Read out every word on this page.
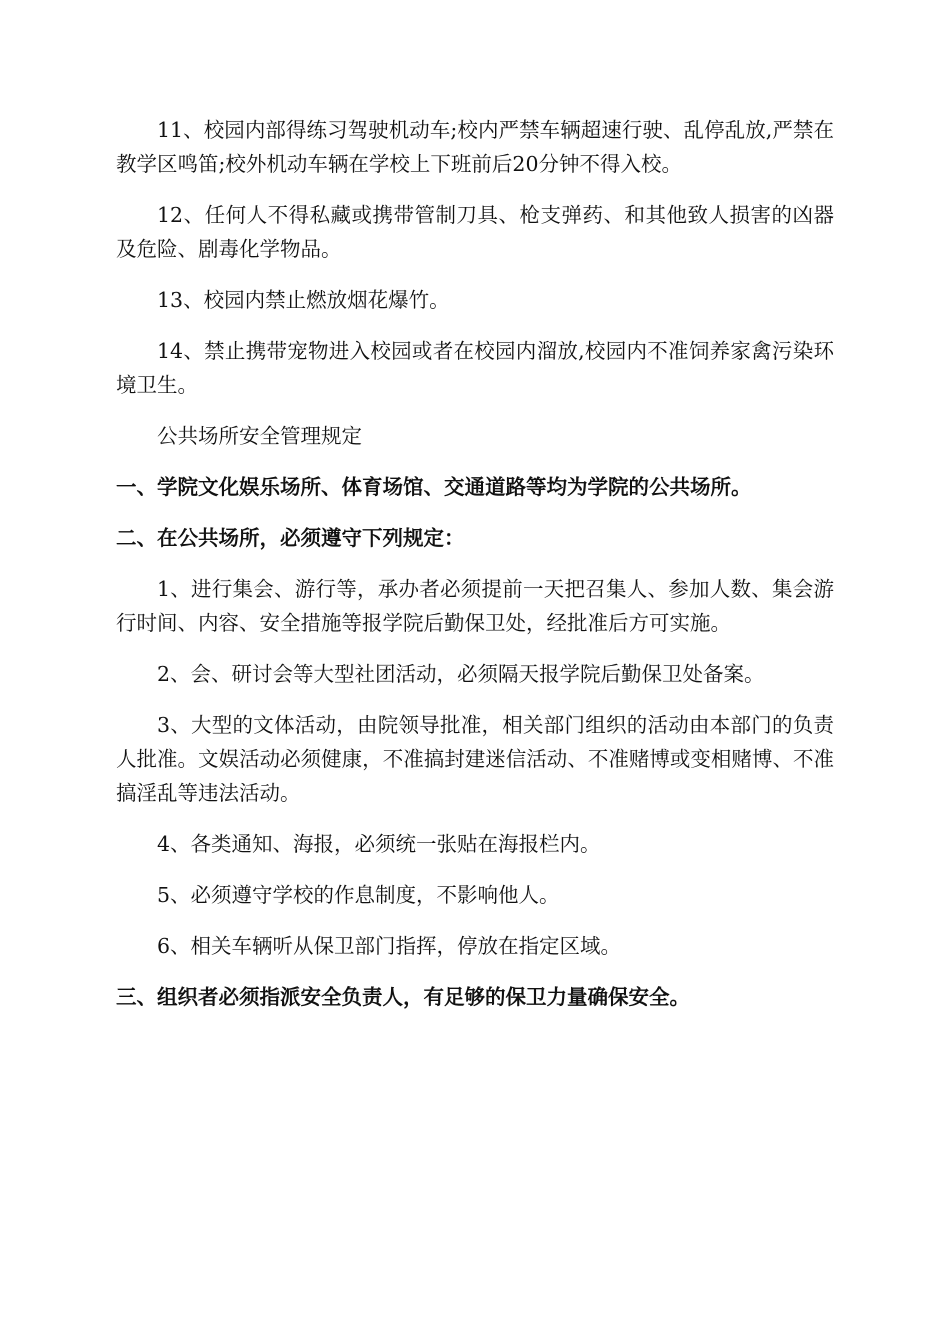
11、校园内部得练习驾驶机动车;校内严禁车辆超速行驶、乱停乱放,严禁在教学区鸣笛;校外机动车辆在学校上下班前后20分钟不得入校。

12、任何人不得私藏或携带管制刀具、枪支弹药、和其他致人损害的凶器及危险、剧毒化学物品。

13、校园内禁止燃放烟花爆竹。

14、禁止携带宠物进入校园或者在校园内溜放,校园内不准饲养家禽污染环境卫生。

公共场所安全管理规定

一、学院文化娱乐场所、体育场馆、交通道路等均为学院的公共场所。

二、在公共场所，必须遵守下列规定：

1、进行集会、游行等，承办者必须提前一天把召集人、参加人数、集会游行时间、内容、安全措施等报学院后勤保卫处，经批准后方可实施。

2、会、研讨会等大型社团活动，必须隔天报学院后勤保卫处备案。

3、大型的文体活动，由院领导批准，相关部门组织的活动由本部门的负责人批准。文娱活动必须健康，不准搞封建迷信活动、不准赌博或变相赌博、不准搞淫乱等违法活动。

4、各类通知、海报，必须统一张贴在海报栏内。

5、必须遵守学校的作息制度，不影响他人。

6、相关车辆听从保卫部门指挥，停放在指定区域。

三、组织者必须指派安全负责人，有足够的保卫力量确保安全。
